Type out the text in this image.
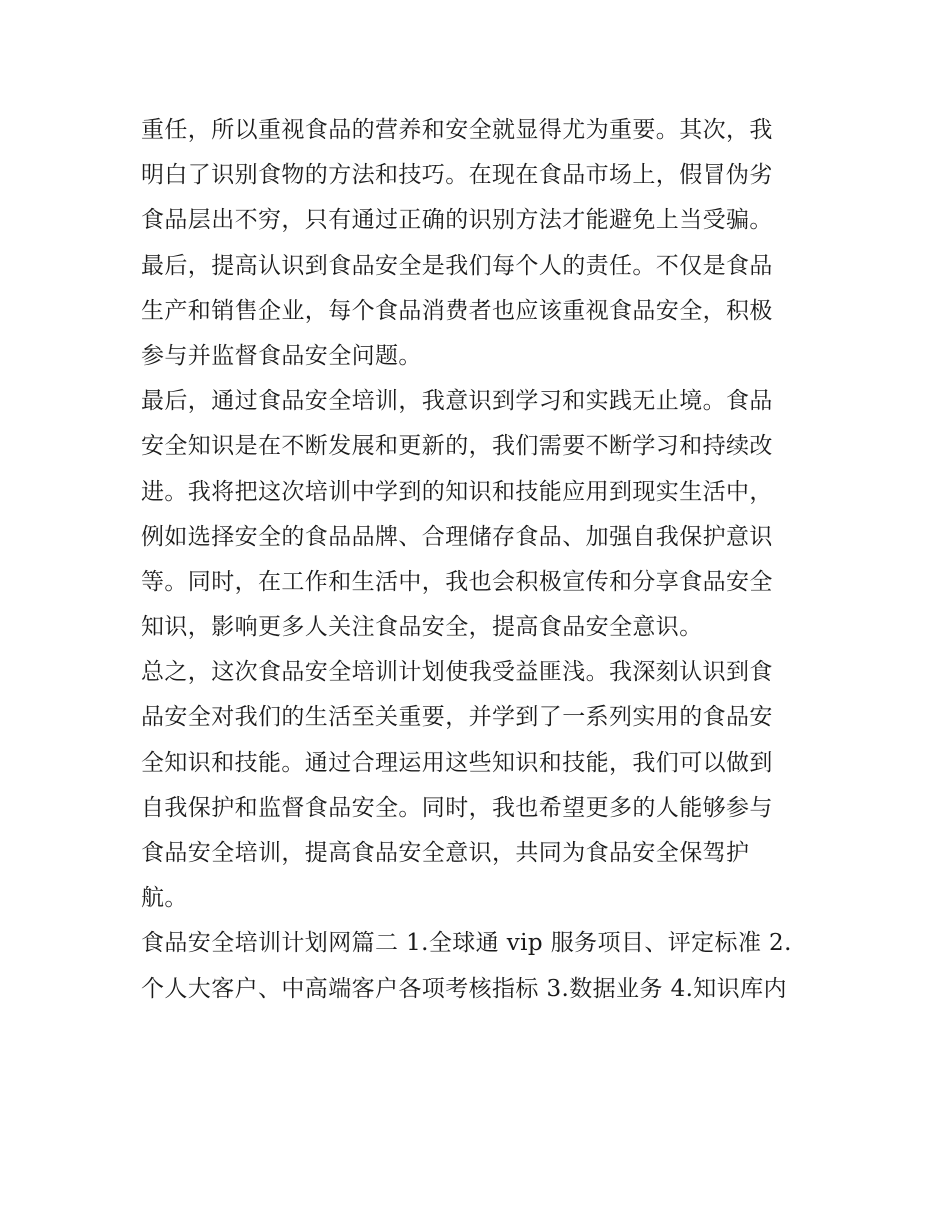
重任，所以重视食品的营养和安全就显得尤为重要。其次，我
明白了识别食物的方法和技巧。在现在食品市场上，假冒伪劣
食品层出不穷，只有通过正确的识别方法才能避免上当受骗。
最后，提高认识到食品安全是我们每个人的责任。不仅是食品
生产和销售企业，每个食品消费者也应该重视食品安全，积极
参与并监督食品安全问题。
最后，通过食品安全培训，我意识到学习和实践无止境。食品
安全知识是在不断发展和更新的，我们需要不断学习和持续改
进。我将把这次培训中学到的知识和技能应用到现实生活中，
例如选择安全的食品品牌、合理储存食品、加强自我保护意识
等。同时，在工作和生活中，我也会积极宣传和分享食品安全
知识，影响更多人关注食品安全，提高食品安全意识。
总之，这次食品安全培训计划使我受益匪浅。我深刻认识到食
品安全对我们的生活至关重要，并学到了一系列实用的食品安
全知识和技能。通过合理运用这些知识和技能，我们可以做到
自我保护和监督食品安全。同时，我也希望更多的人能够参与
食品安全培训，提高食品安全意识，共同为食品安全保驾护
航。
食品安全培训计划网篇二 1.全球通 vip 服务项目、评定标准 2.
个人大客户、中高端客户各项考核指标 3.数据业务 4.知识库内
